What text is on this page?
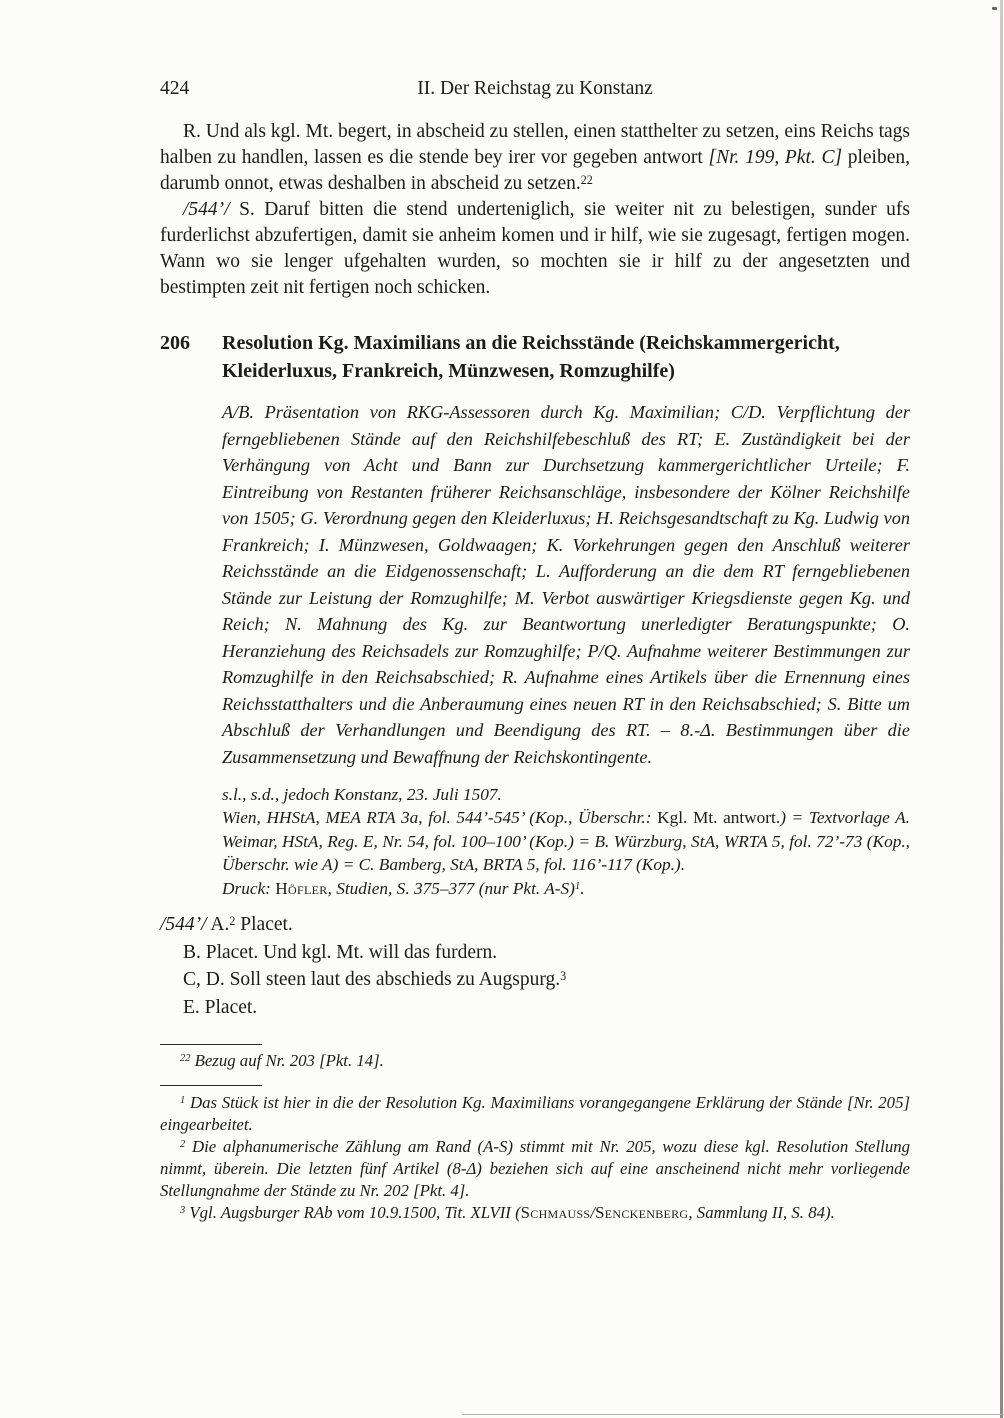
424	II. Der Reichstag zu Konstanz

R. Und als kgl. Mt. begert, in abscheid zu stellen, einen statthelter zu setzen, eins Reichs tags halben zu handlen, lassen es die stende bey irer vor gegeben antwort [Nr. 199, Pkt. C] pleiben, darumb onnot, etwas deshalben in abscheid zu setzen.$^{22}$

/544’/ S. Daruf bitten die stend underteniglich, sie weiter nit zu belestigen, sunder ufs furderlichst abzufertigen, damit sie anheim komen und ir hilf, wie sie zugesagt, fertigen mogen. Wann wo sie lenger ufgehalten wurden, so mochten sie ir hilf zu der angesetzten und bestimpten zeit nit fertigen noch schicken.

206	Resolution Kg. Maximilians an die Reichsstände (Reichskammergericht, Kleiderluxus, Frankreich, Münzwesen, Romzughilfe)
A/B. Präsentation von RKG-Assessoren durch Kg. Maximilian; C/D. Verpflichtung der ferngebliebenen Stände auf den Reichshilfebeschluß des RT; E. Zuständigkeit bei der Verhängung von Acht und Bann zur Durchsetzung kammergerichtlicher Urteile; F. Eintreibung von Restanten früherer Reichsanschläge, insbesondere der Kölner Reichshilfe von 1505; G. Verordnung gegen den Kleiderluxus; H. Reichsgesandtschaft zu Kg. Ludwig von Frankreich; I. Münzwesen, Goldwaagen; K. Vorkehrungen gegen den Anschluß weiterer Reichsstände an die Eidgenossenschaft; L. Aufforderung an die dem RT ferngebliebenen Stände zur Leistung der Romzughilfe; M. Verbot auswärtiger Kriegsdienste gegen Kg. und Reich; N. Mahnung des Kg. zur Beantwortung unerledigter Beratungspunkte; O. Heranziehung des Reichsadels zur Romzughilfe; P/Q. Aufnahme weiterer Bestimmungen zur Romzughilfe in den Reichsabschied; R. Aufnahme eines Artikels über die Ernennung eines Reichsstatthalters und die Anberaumung eines neuen RT in den Reichsabschied; S. Bitte um Abschluß der Verhandlungen und Beendigung des RT. – 8.-Δ. Bestimmungen über die Zusammensetzung und Bewaffnung der Reichskontingente.

s.l., s.d., jedoch Konstanz, 23. Juli 1507.

Wien, HHStA, MEA RTA 3a, fol. 544’-545’ (Kop., Überschr.: Kgl. Mt. antwort.) = Textvorlage A. Weimar, HStA, Reg. E, Nr. 54, fol. 100–100’ (Kop.) = B. Würzburg, StA, WRTA 5, fol. 72’-73 (Kop., Überschr. wie A) = C. Bamberg, StA, BRTA 5, fol. 116’-117 (Kop.).

Druck: Höfler, Studien, S. 375–377 (nur Pkt. A-S)$^1$.

/544’/ A.$^2$ Placet.

B. Placet. Und kgl. Mt. will das furdern.

C, D. Soll steen laut des abschieds zu Augspurg.$^3$

E. Placet.

$^{22}$ Bezug auf Nr. 203 [Pkt. 14].

$^1$ Das Stück ist hier in die der Resolution Kg. Maximilians vorangegangene Erklärung der Stände [Nr. 205] eingearbeitet.

$^2$ Die alphanumerische Zählung am Rand (A-S) stimmt mit Nr. 205, wozu diese kgl. Resolution Stellung nimmt, überein. Die letzten fünf Artikel (8-Δ) beziehen sich auf eine anscheinend nicht mehr vorliegende Stellungnahme der Stände zu Nr. 202 [Pkt. 4].

$^3$ Vgl. Augsburger RAb vom 10.9.1500, Tit. XLVII (Schmauss/Senckenberg, Sammlung II, S. 84).
